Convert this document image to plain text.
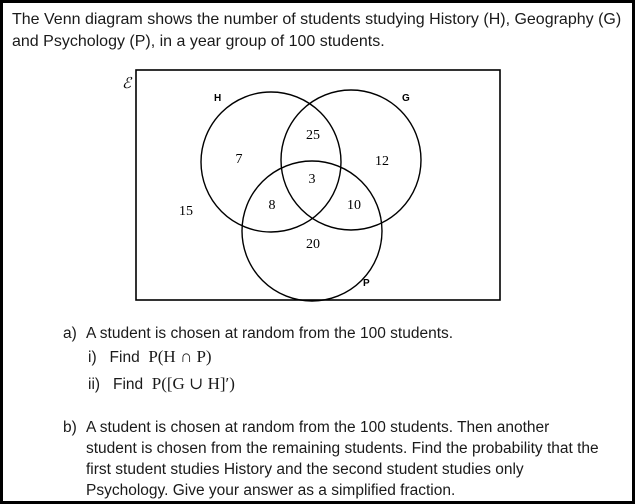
The Venn diagram shows the number of students studying History (H), Geography (G) and Psychology (P), in a year group of 100 students.
ℰ
H	G
P
15
7
25
12
3
8	10
20
a) A student is chosen at random from the 100 students.
i) Find P(H ∩ P)
ii) Find P([G ∪ H]′)
b) A student is chosen at random from the 100 students. Then another
student is chosen from the remaining students. Find the probability that the
first student studies History and the second student studies only
Psychology. Give your answer as a simplified fraction.
